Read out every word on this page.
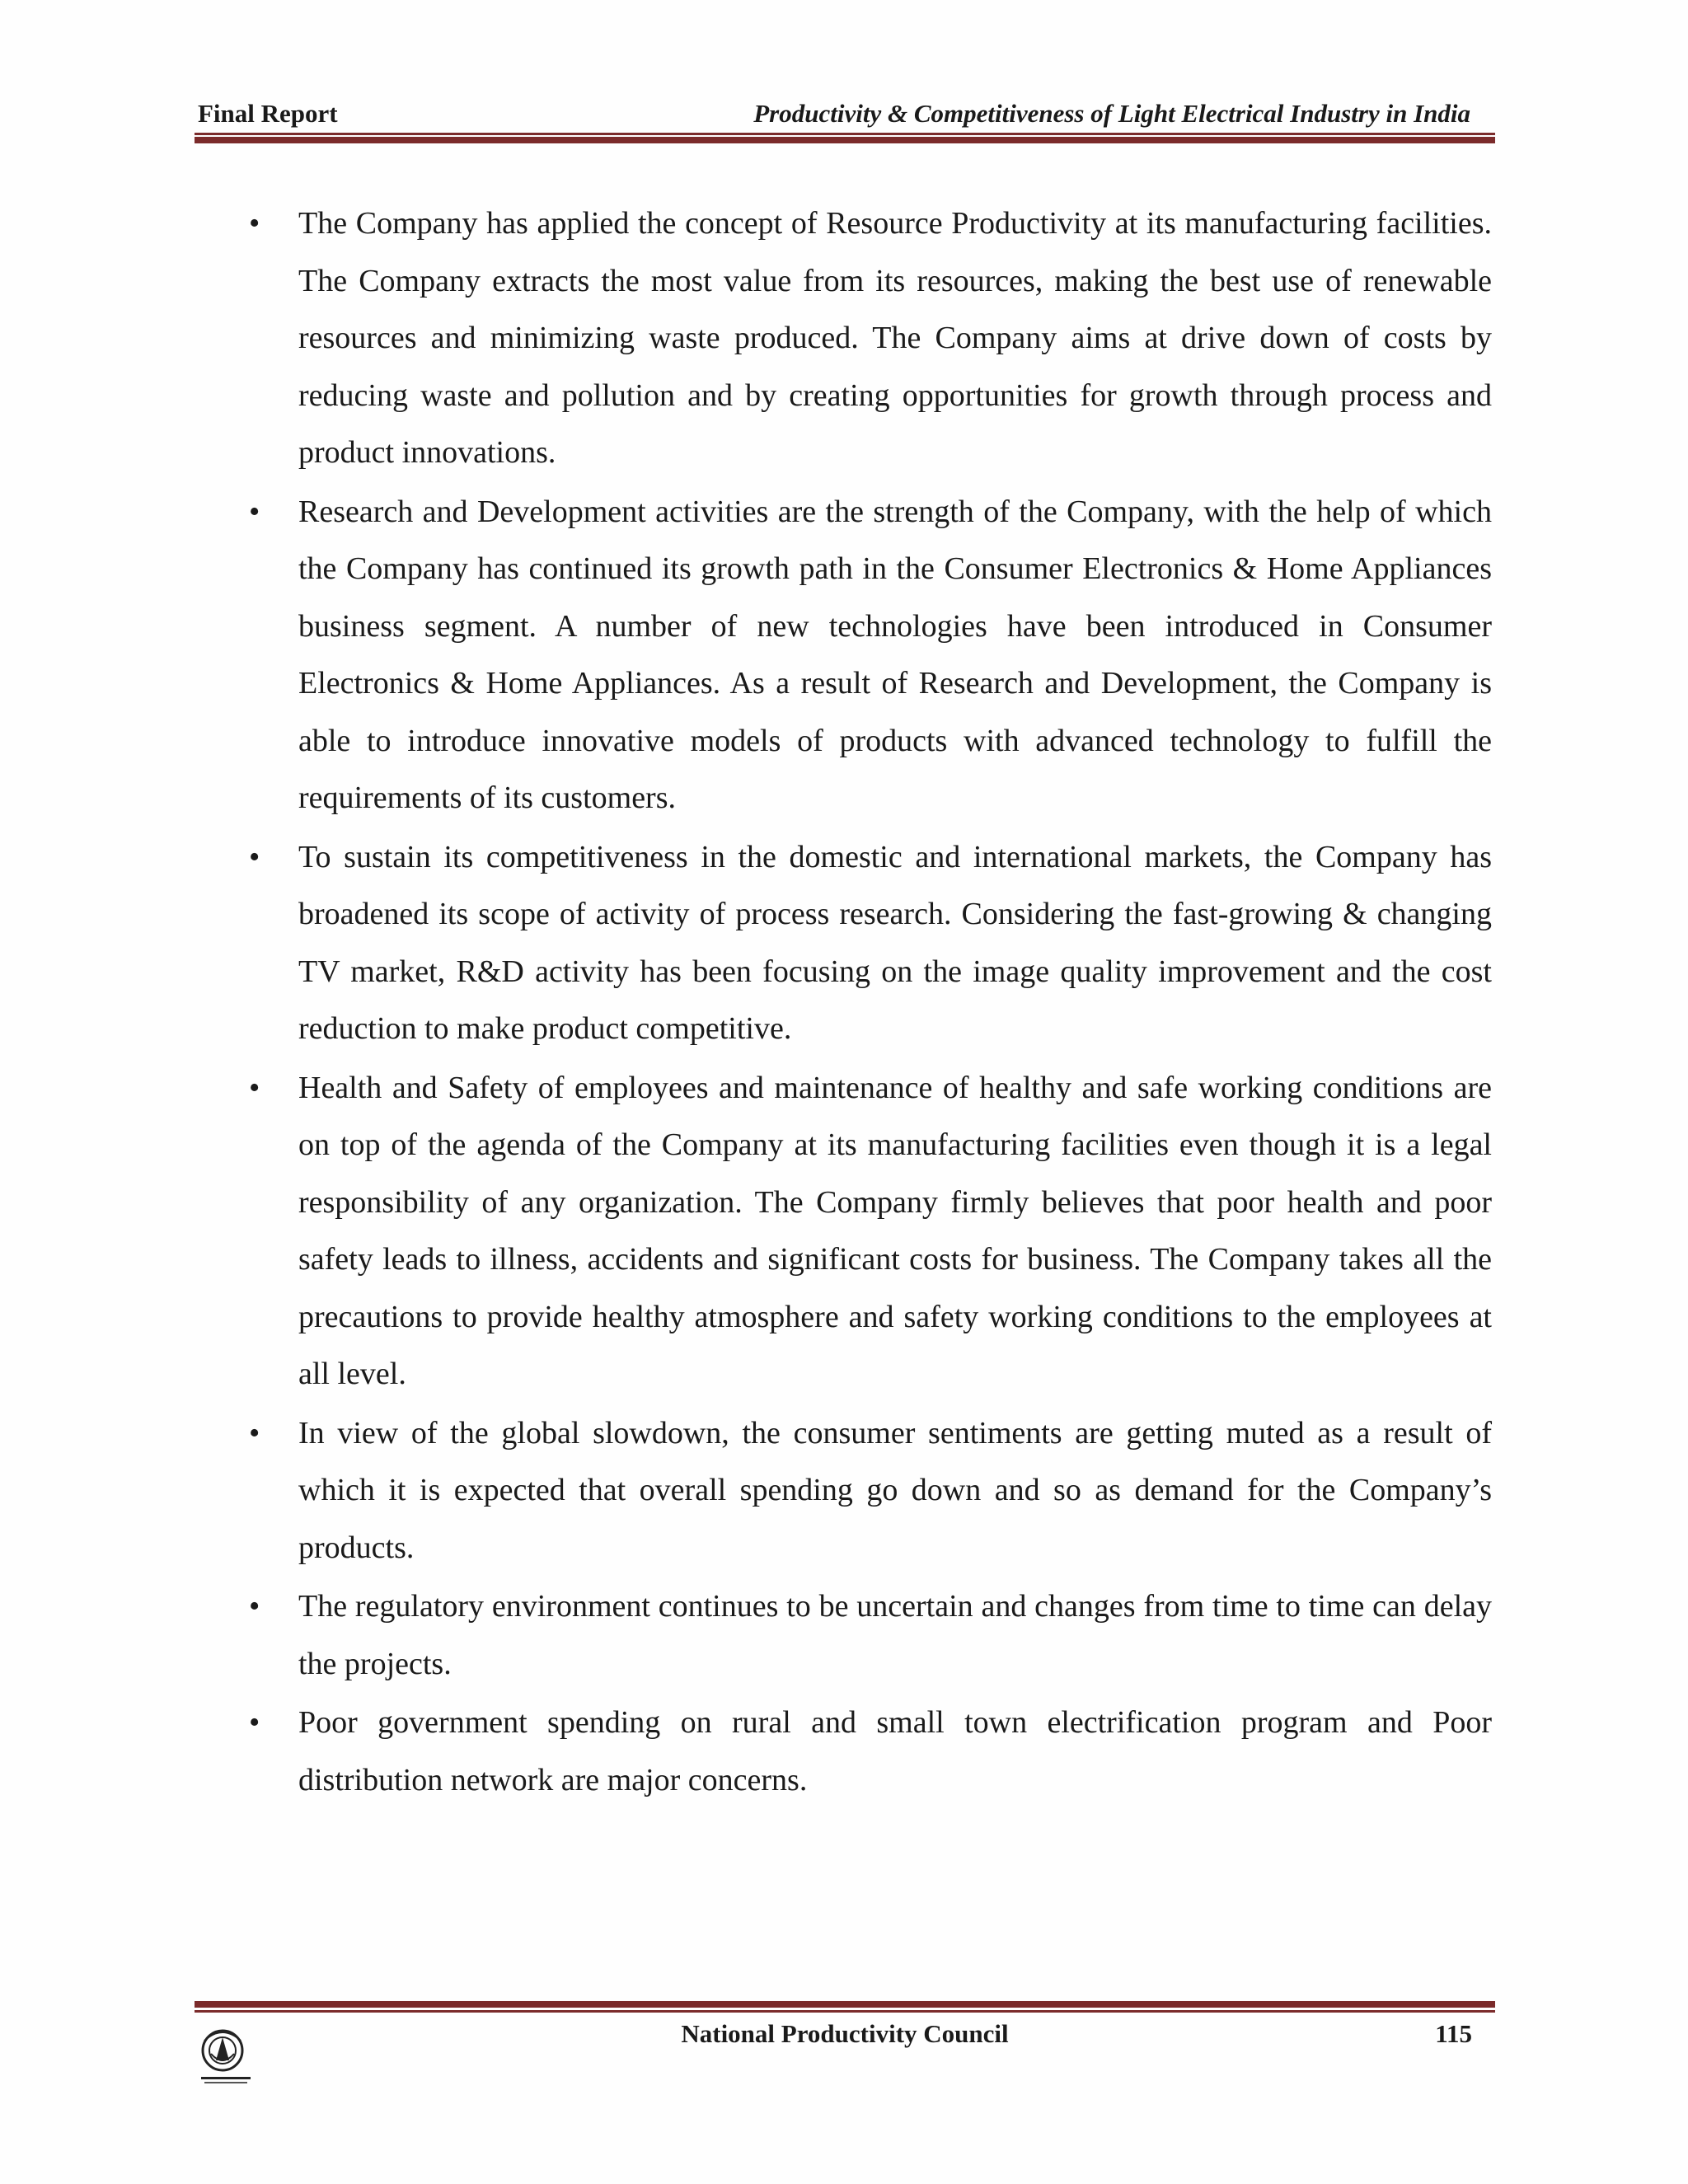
Final Report	Productivity & Competitiveness of Light Electrical Industry in India
•	The Company has applied the concept of Resource Productivity at its manufacturing facilities. The Company extracts the most value from its resources, making the best use of renewable resources and minimizing waste produced. The Company aims at drive down of costs by reducing waste and pollution and by creating opportunities for growth through process and product innovations.
•	Research and Development activities are the strength of the Company, with the help of which the Company has continued its growth path in the Consumer Electronics & Home Appliances business segment. A number of new technologies have been introduced in Consumer Electronics & Home Appliances. As a result of Research and Development, the Company is able to introduce innovative models of products with advanced technology to fulfill the requirements of its customers.
•	To sustain its competitiveness in the domestic and international markets, the Company has broadened its scope of activity of process research. Considering the fast-growing & changing TV market, R&D activity has been focusing on the image quality improvement and the cost reduction to make product competitive.
•	Health and Safety of employees and maintenance of healthy and safe working conditions are on top of the agenda of the Company at its manufacturing facilities even though it is a legal responsibility of any organization. The Company firmly believes that poor health and poor safety leads to illness, accidents and significant costs for business. The Company takes all the precautions to provide healthy atmosphere and safety working conditions to the employees at all level.
•	In view of the global slowdown, the consumer sentiments are getting muted as a result of which it is expected that overall spending go down and so as demand for the Company’s products.
•	The regulatory environment continues to be uncertain and changes from time to time can delay the projects.
•	Poor government spending on rural and small town electrification program and Poor distribution network are major concerns.
National Productivity Council	115
